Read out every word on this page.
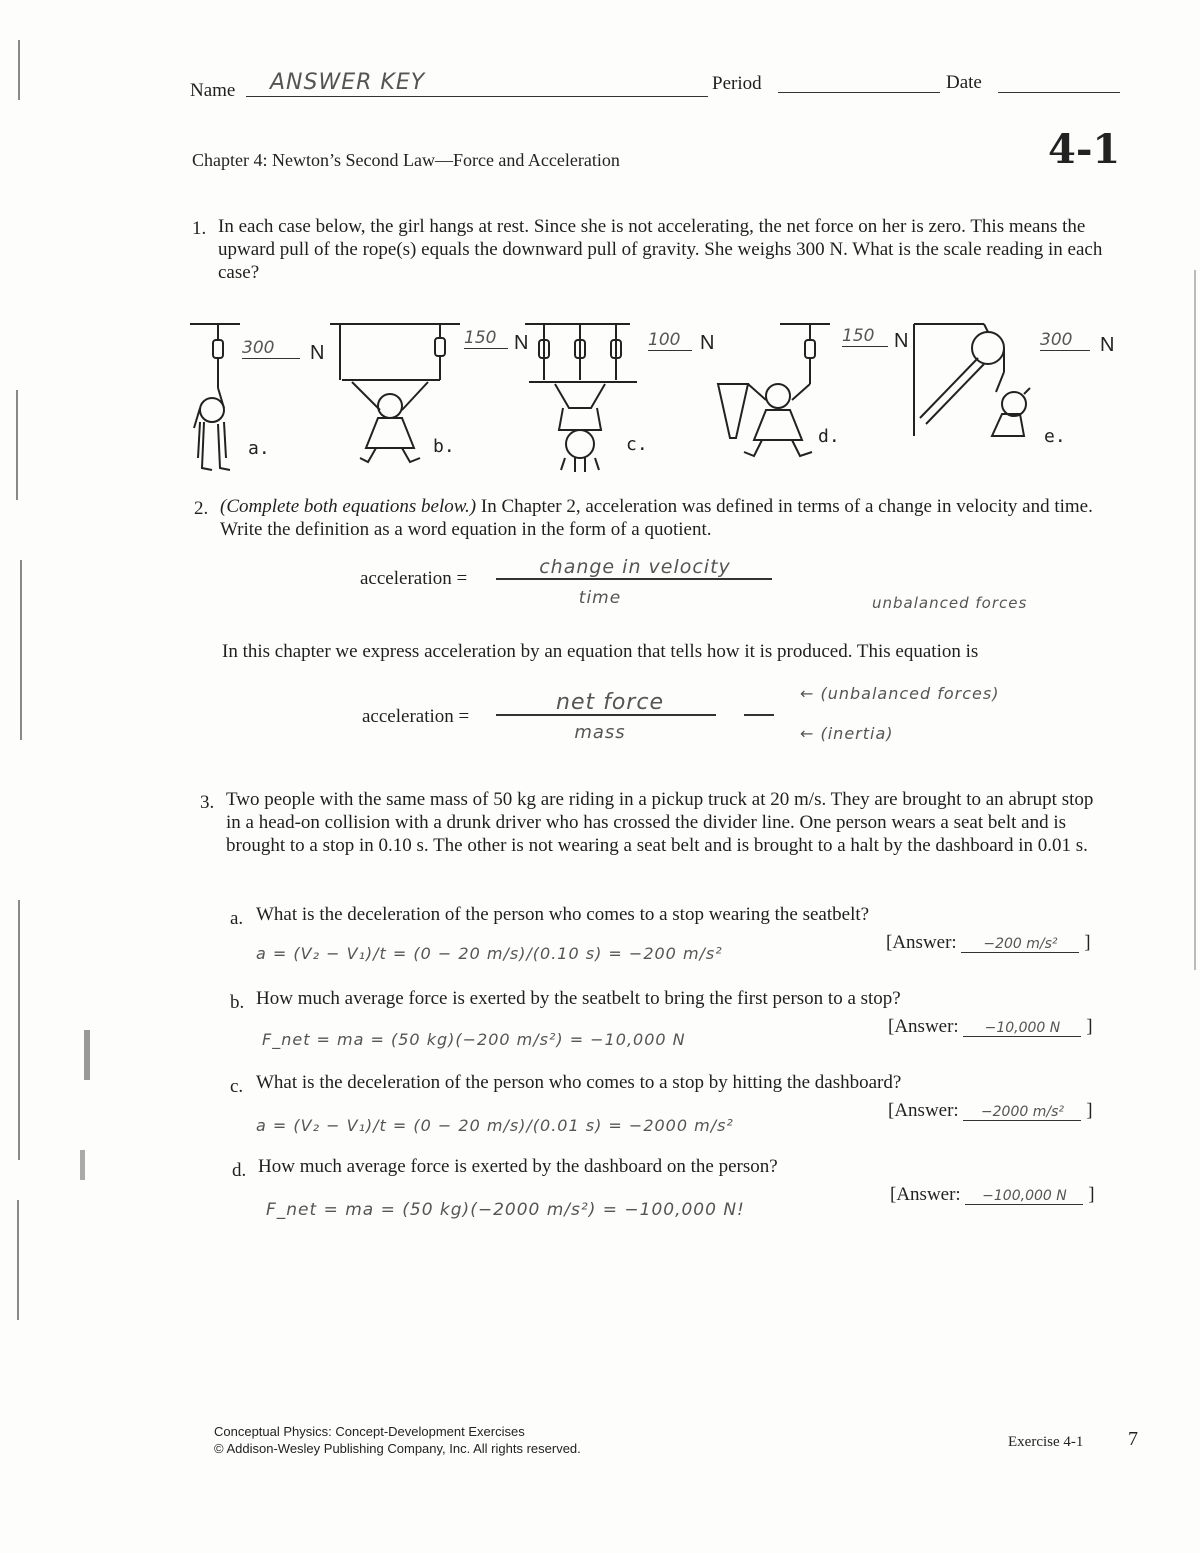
Name ANSWER KEY	Period	Date
Chapter 4: Newton’s Second Law—Force and Acceleration	4-1
1. In each case below, the girl hangs at rest. Since she is not accelerating, the net force on her is zero. This means the upward pull of the rope(s) equals the downward pull of gravity. She weighs 300 N. What is the scale reading in each case?
a.
300	N
b.
150 N
c.
100 N
d.
150 N
e.
300	N
2. (Complete both equations below.) In Chapter 2, acceleration was defined in terms of a change in velocity and time. Write the definition as a word equation in the form of a quotient.
acceleration =
change in velocity
time	unbalanced forces
In this chapter we express acceleration by an equation that tells how it is produced. This equation is
acceleration =
net force
mass
← (unbalanced forces)
← (inertia)
3. Two people with the same mass of 50 kg are riding in a pickup truck at 20 m/s. They are brought to an abrupt stop in a head-on collision with a drunk driver who has crossed the divider line. One person wears a seat belt and is brought to a stop in 0.10 s. The other is not wearing a seat belt and is brought to a halt by the dashboard in 0.01 s.
a. What is the deceleration of the person who comes to a stop wearing the seatbelt?
a = (V₂ − V₁)/t = (0 − 20 m/s)/(0.10 s) = −200 m/s²
[Answer: −200 m/s² ]
b. How much average force is exerted by the seatbelt to bring the first person to a stop?
F_net = ma = (50 kg)(−200 m/s²) = −10,000 N
[Answer: −10,000 N ]
c. What is the deceleration of the person who comes to a stop by hitting the dashboard?
a = (V₂ − V₁)/t = (0 − 20 m/s)/(0.01 s) = −2000 m/s²
[Answer: −2000 m/s² ]
d. How much average force is exerted by the dashboard on the person?
F_net = ma = (50 kg)(−2000 m/s²) = −100,000 N!
[Answer: −100,000 N ]
Conceptual Physics: Concept-Development Exercises
© Addison-Wesley Publishing Company, Inc. All rights reserved.	Exercise 4-1 7
